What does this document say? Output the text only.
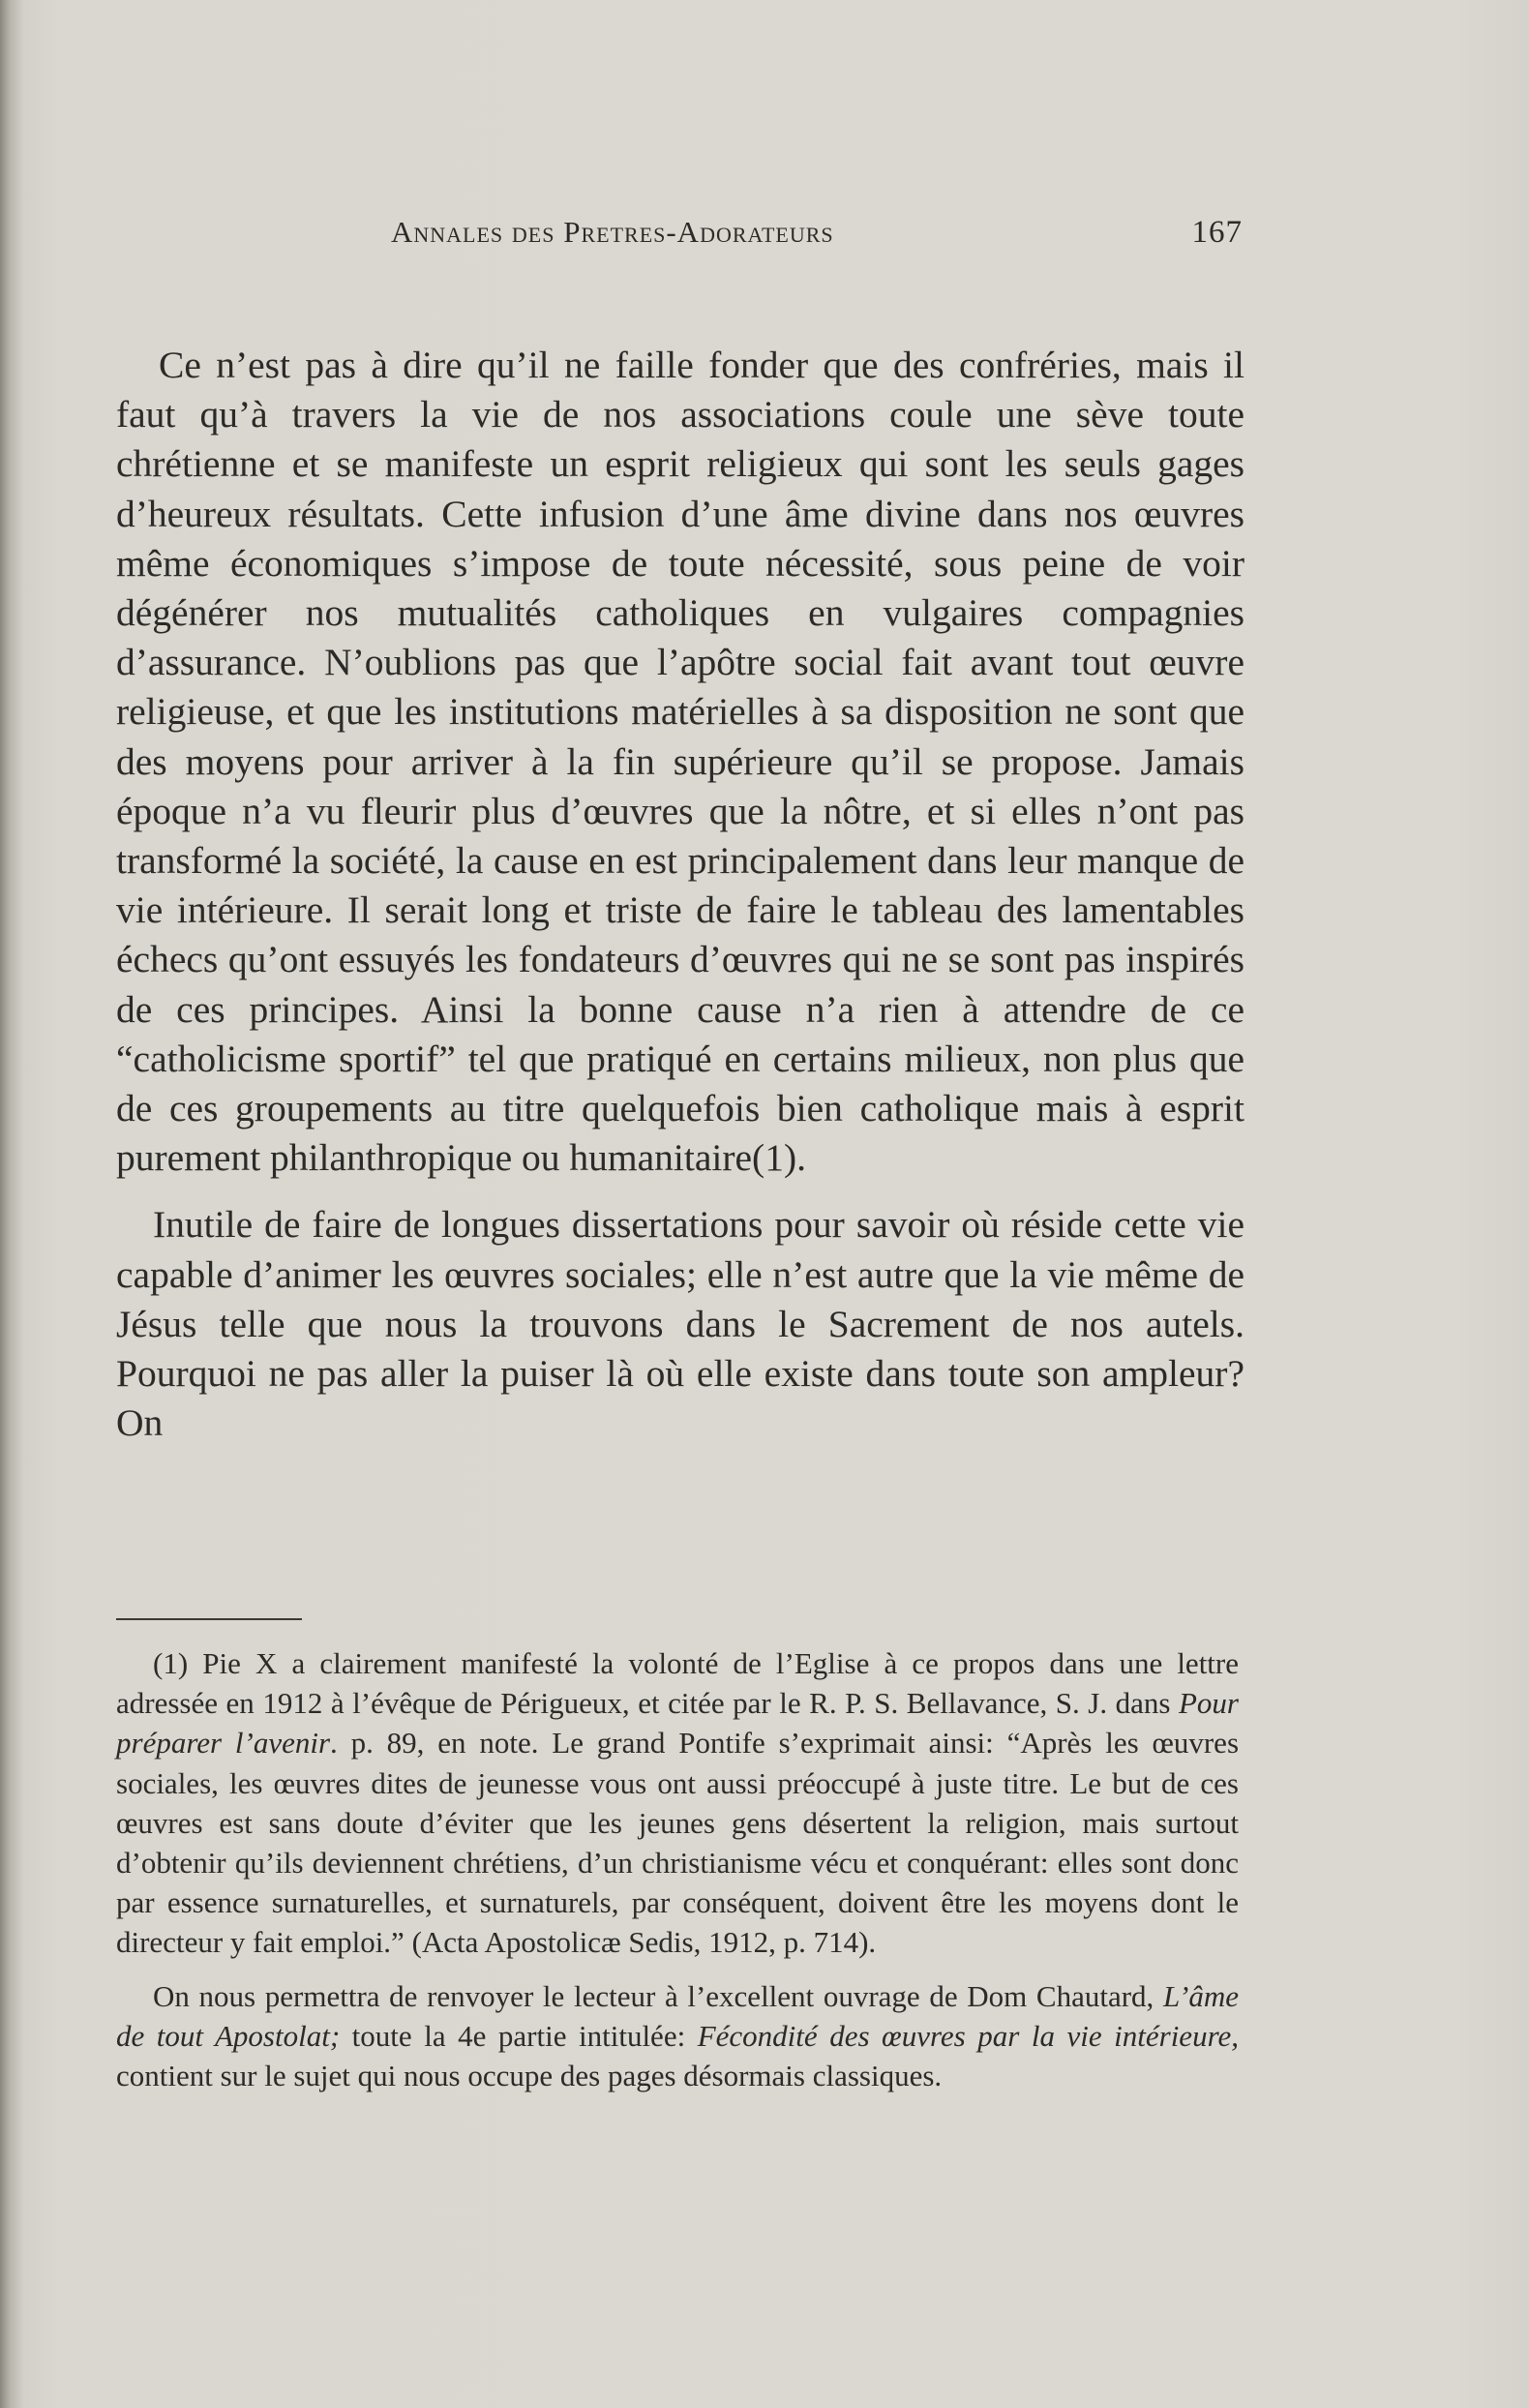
Annales des Pretres-Adorateurs	167

Ce n’est pas à dire qu’il ne faille fonder que des confréries, mais il faut qu’à travers la vie de nos associations coule une sève toute chrétienne et se manifeste un esprit religieux qui sont les seuls gages d’heureux résultats. Cette infusion d’une âme divine dans nos œuvres même économiques s’impose de toute nécessité, sous peine de voir dégénérer nos mutualités catholiques en vulgaires compagnies d’assurance. N’oublions pas que l’apôtre social fait avant tout œuvre religieuse, et que les institutions matérielles à sa disposition ne sont que des moyens pour arriver à la fin supérieure qu’il se propose. Jamais époque n’a vu fleurir plus d’œuvres que la nôtre, et si elles n’ont pas transformé la société, la cause en est principalement dans leur manque de vie intérieure. Il serait long et triste de faire le tableau des lamentables échecs qu’ont essuyés les fondateurs d’œuvres qui ne se sont pas inspirés de ces principes. Ainsi la bonne cause n’a rien à attendre de ce “catholicisme sportif” tel que pratiqué en certains milieux, non plus que de ces groupements au titre quelquefois bien catholique mais à esprit purement philanthropique ou humanitaire(1).

Inutile de faire de longues dissertations pour savoir où réside cette vie capable d’animer les œuvres sociales; elle n’est autre que la vie même de Jésus telle que nous la trouvons dans le Sacrement de nos autels. Pourquoi ne pas aller la puiser là où elle existe dans toute son ampleur? On

(1) Pie X a clairement manifesté la volonté de l’Eglise à ce propos dans une lettre adressée en 1912 à l’évêque de Périgueux, et citée par le R. P. S. Bellavance, S. J. dans Pour préparer l’avenir. p. 89, en note. Le grand Pontife s’exprimait ainsi: “Après les œuvres sociales, les œuvres dites de jeunesse vous ont aussi préoccupé à juste titre. Le but de ces œuvres est sans doute d’éviter que les jeunes gens désertent la religion, mais surtout d’obtenir qu’ils deviennent chrétiens, d’un christianisme vécu et conquérant: elles sont donc par essence surnaturelles, et surnaturels, par conséquent, doivent être les moyens dont le directeur y fait emploi.” (Acta Apostolicæ Sedis, 1912, p. 714).

On nous permettra de renvoyer le lecteur à l’excellent ouvrage de Dom Chautard, L’âme de tout Apostolat; toute la 4e partie intitulée: Fécondité des œuvres par la vie intérieure, contient sur le sujet qui nous occupe des pages désormais classiques.
